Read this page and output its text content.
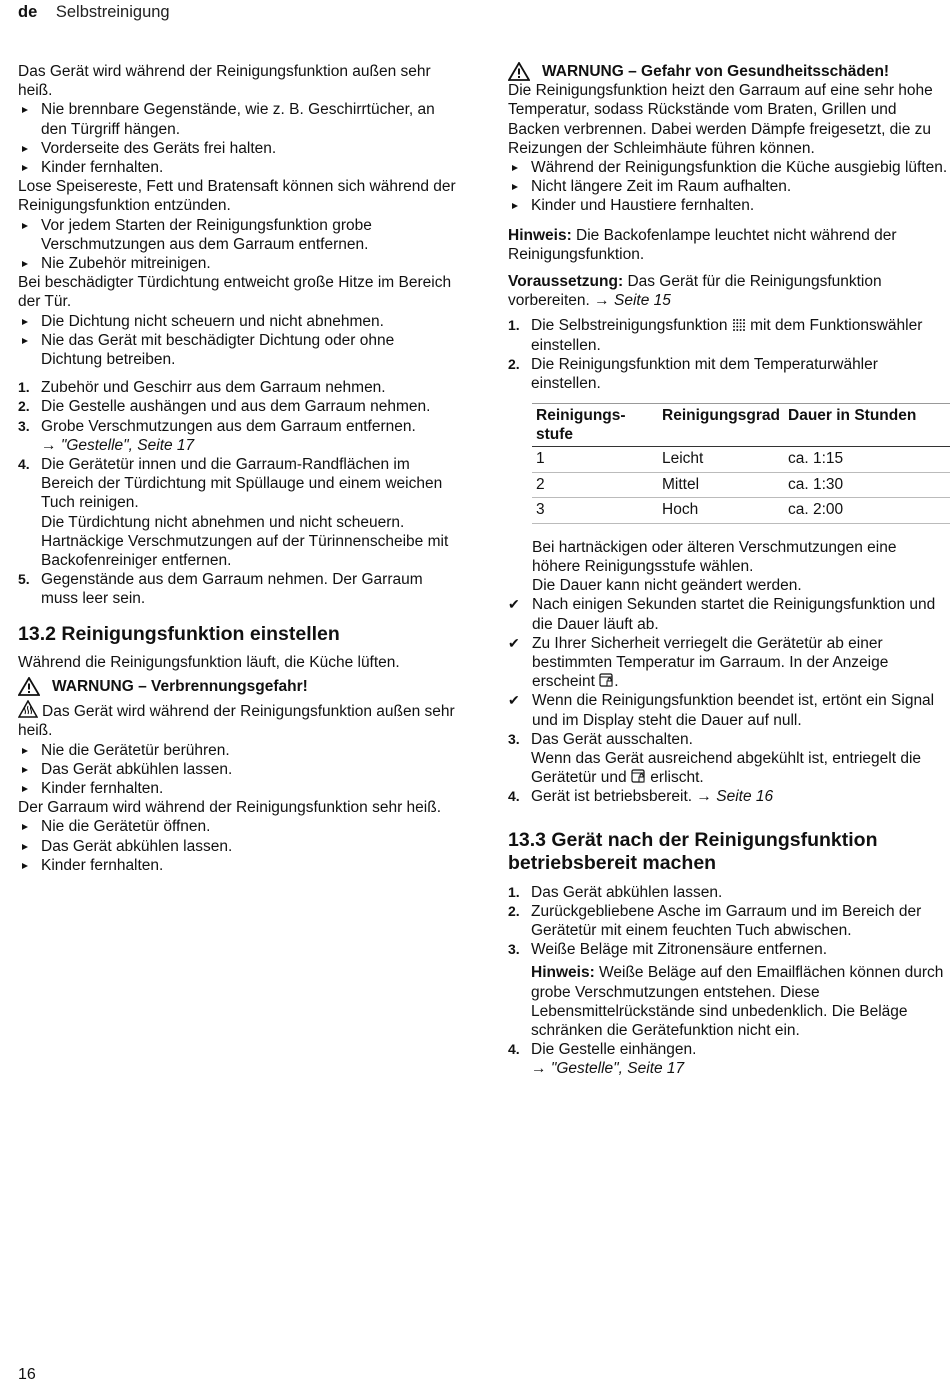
de Selbstreinigung

Das Gerät wird während der Reinigungsfunktion außen sehr heiß.

Nie brennbare Gegenstände, wie z. B. Geschirrtücher, an den Türgriff hängen.

Vorderseite des Geräts frei halten.

Kinder fernhalten.

Lose Speisereste, Fett und Bratensaft können sich während der Reinigungsfunktion entzünden.

Vor jedem Starten der Reinigungsfunktion grobe Verschmutzungen aus dem Garraum entfernen.

Nie Zubehör mitreinigen.

Bei beschädigter Türdichtung entweicht große Hitze im Bereich der Tür.

Die Dichtung nicht scheuern und nicht abnehmen.

Nie das Gerät mit beschädigter Dichtung oder ohne Dichtung betreiben.

1. Zubehör und Geschirr aus dem Garraum nehmen.
2. Die Gestelle aushängen und aus dem Garraum nehmen.
3. Grobe Verschmutzungen aus dem Garraum entfernen.
→ "Gestelle", Seite 17
4. Die Gerätetür innen und die Garraum-Randflächen im Bereich der Türdichtung mit Spüllauge und einem weichen Tuch reinigen.
Die Türdichtung nicht abnehmen und nicht scheuern.
Hartnäckige Verschmutzungen auf der Türinnenscheibe mit Backofenreiniger entfernen.
5. Gegenstände aus dem Garraum nehmen. Der Garraum muss leer sein.
13.2 Reinigungsfunktion einstellen

Während die Reinigungsfunktion läuft, die Küche lüften.

WARNUNG – Verbrennungsgefahr!

Das Gerät wird während der Reinigungsfunktion außen sehr heiß.

Nie die Gerätetür berühren.

Das Gerät abkühlen lassen.

Kinder fernhalten.

Der Garraum wird während der Reinigungsfunktion sehr heiß.

Nie die Gerätetür öffnen.

Das Gerät abkühlen lassen.

Kinder fernhalten.

WARNUNG – Gefahr von Gesundheitsschäden!

Die Reinigungsfunktion heizt den Garraum auf eine sehr hohe Temperatur, sodass Rückstände vom Braten, Grillen und Backen verbrennen. Dabei werden Dämpfe freigesetzt, die zu Reizungen der Schleimhäute führen können.

Während der Reinigungsfunktion die Küche ausgiebig lüften.

Nicht längere Zeit im Raum aufhalten.

Kinder und Haustiere fernhalten.

Hinweis: Die Backofenlampe leuchtet nicht während der Reinigungsfunktion.

Voraussetzung: Das Gerät für die Reinigungsfunktion vorbereiten. → Seite 15

1. Die Selbstreinigungsfunktion mit dem Funktionswähler einstellen.
2. Die Reinigungsfunktion mit dem Temperaturwähler einstellen.
Reinigungsstufe	Reinigungsgrad	Dauer in Stunden
1	Leicht	ca. 1:15
2	Mittel	ca. 1:30
3	Hoch	ca. 2:00

Bei hartnäckigen oder älteren Verschmutzungen eine höhere Reinigungsstufe wählen.

Die Dauer kann nicht geändert werden.

✔ Nach einigen Sekunden startet die Reinigungsfunktion und die Dauer läuft ab.
✔ Zu Ihrer Sicherheit verriegelt die Gerätetür ab einer bestimmten Temperatur im Garraum. In der Anzeige erscheint .
✔ Wenn die Reinigungsfunktion beendet ist, ertönt ein Signal und im Display steht die Dauer auf null.
3. Das Gerät ausschalten.
Wenn das Gerät ausreichend abgekühlt ist, entriegelt die Gerätetür und erlischt.
4. Gerät ist betriebsbereit. → Seite 16
13.3 Gerät nach der Reinigungsfunktion betriebsbereit machen
1. Das Gerät abkühlen lassen.
2. Zurückgebliebene Asche im Garraum und im Bereich der Gerätetür mit einem feuchten Tuch abwischen.
3. Weiße Beläge mit Zitronensäure entfernen.
Hinweis: Weiße Beläge auf den Emailflächen können durch grobe Verschmutzungen entstehen. Diese Lebensmittelrückstände sind unbedenklich. Die Beläge schränken die Gerätefunktion nicht ein.
4. Die Gestelle einhängen.
→ "Gestelle", Seite 17
16
